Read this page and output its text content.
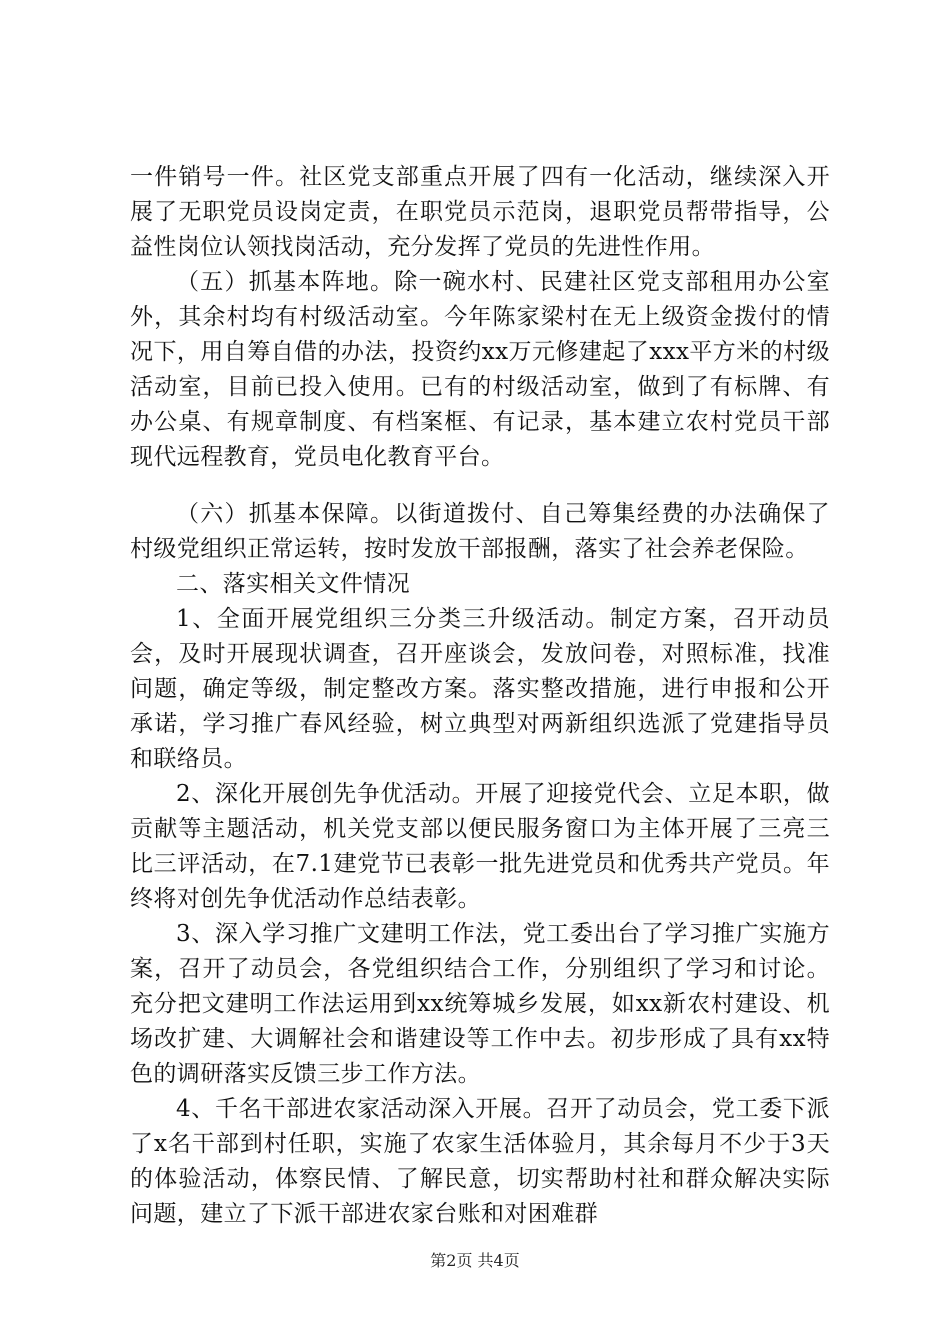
一件销号一件。社区党支部重点开展了四有一化活动，继续深入开展了无职党员设岗定责，在职党员示范岗，退职党员帮带指导，公益性岗位认领找岗活动，充分发挥了党员的先进性作用。

（五）抓基本阵地。除一碗水村、民建社区党支部租用办公室外，其余村均有村级活动室。今年陈家梁村在无上级资金拨付的情况下，用自筹自借的办法，投资约xx万元修建起了xxx平方米的村级活动室，目前已投入使用。已有的村级活动室，做到了有标牌、有办公桌、有规章制度、有档案框、有记录，基本建立农村党员干部现代远程教育，党员电化教育平台。

（六）抓基本保障。以街道拨付、自己筹集经费的办法确保了村级党组织正常运转，按时发放干部报酬，落实了社会养老保险。

二、落实相关文件情况

1、全面开展党组织三分类三升级活动。制定方案，召开动员会，及时开展现状调查，召开座谈会，发放问卷，对照标准，找准问题，确定等级，制定整改方案。落实整改措施，进行申报和公开承诺，学习推广春风经验，树立典型对两新组织选派了党建指导员和联络员。

2、深化开展创先争优活动。开展了迎接党代会、立足本职，做贡献等主题活动，机关党支部以便民服务窗口为主体开展了三亮三比三评活动，在7.1建党节已表彰一批先进党员和优秀共产党员。年终将对创先争优活动作总结表彰。

3、深入学习推广文建明工作法，党工委出台了学习推广实施方案，召开了动员会，各党组织结合工作，分别组织了学习和讨论。充分把文建明工作法运用到xx统筹城乡发展，如xx新农村建设、机场改扩建、大调解社会和谐建设等工作中去。初步形成了具有xx特色的调研落实反馈三步工作方法。

4、千名干部进农家活动深入开展。召开了动员会，党工委下派了x名干部到村任职，实施了农家生活体验月，其余每月不少于3天的体验活动，体察民情、了解民意，切实帮助村社和群众解决实际问题，建立了下派干部进农家台账和对困难群

第2页 共4页
